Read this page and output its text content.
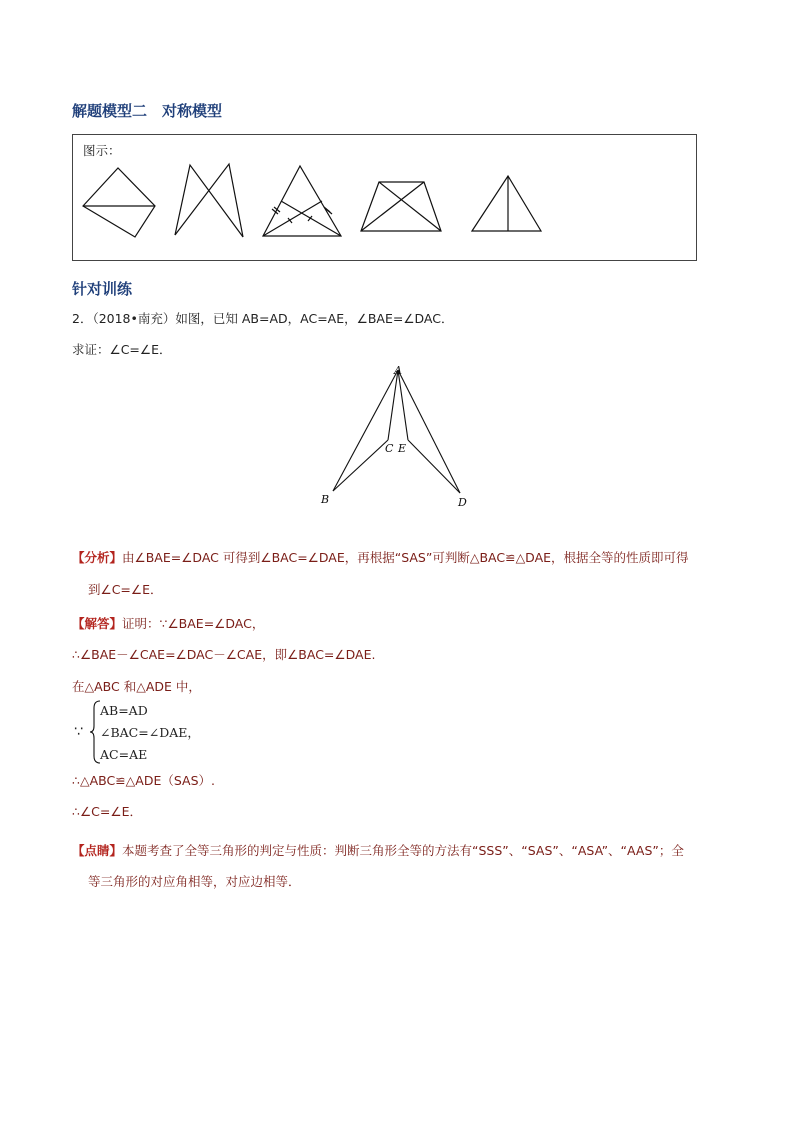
解题模型二　对称模型
图示：
针对训练
2．（2018•南充）如图，已知 AB=AD，AC=AE，∠BAE=∠DAC．
求证：∠C=∠E．
A
B
C E
D
【分析】由∠BAE=∠DAC 可得到∠BAC=∠DAE，再根据“SAS”可判断△BAC≌△DAE，根据全等的性质即可得
到∠C=∠E．
【解答】证明：∵∠BAE=∠DAC，
∴∠BAE－∠CAE=∠DAC－∠CAE，即∠BAC=∠DAE.
在△ABC 和△ADE 中，
∵
AB=AD
∠BAC=∠DAE，
AC=AE
∴△ABC≌△ADE（SAS）.
∴∠C=∠E．
【点睛】本题考查了全等三角形的判定与性质：判断三角形全等的方法有“SSS”、“SAS”、“ASA”、“AAS”；全
等三角形的对应角相等，对应边相等．
